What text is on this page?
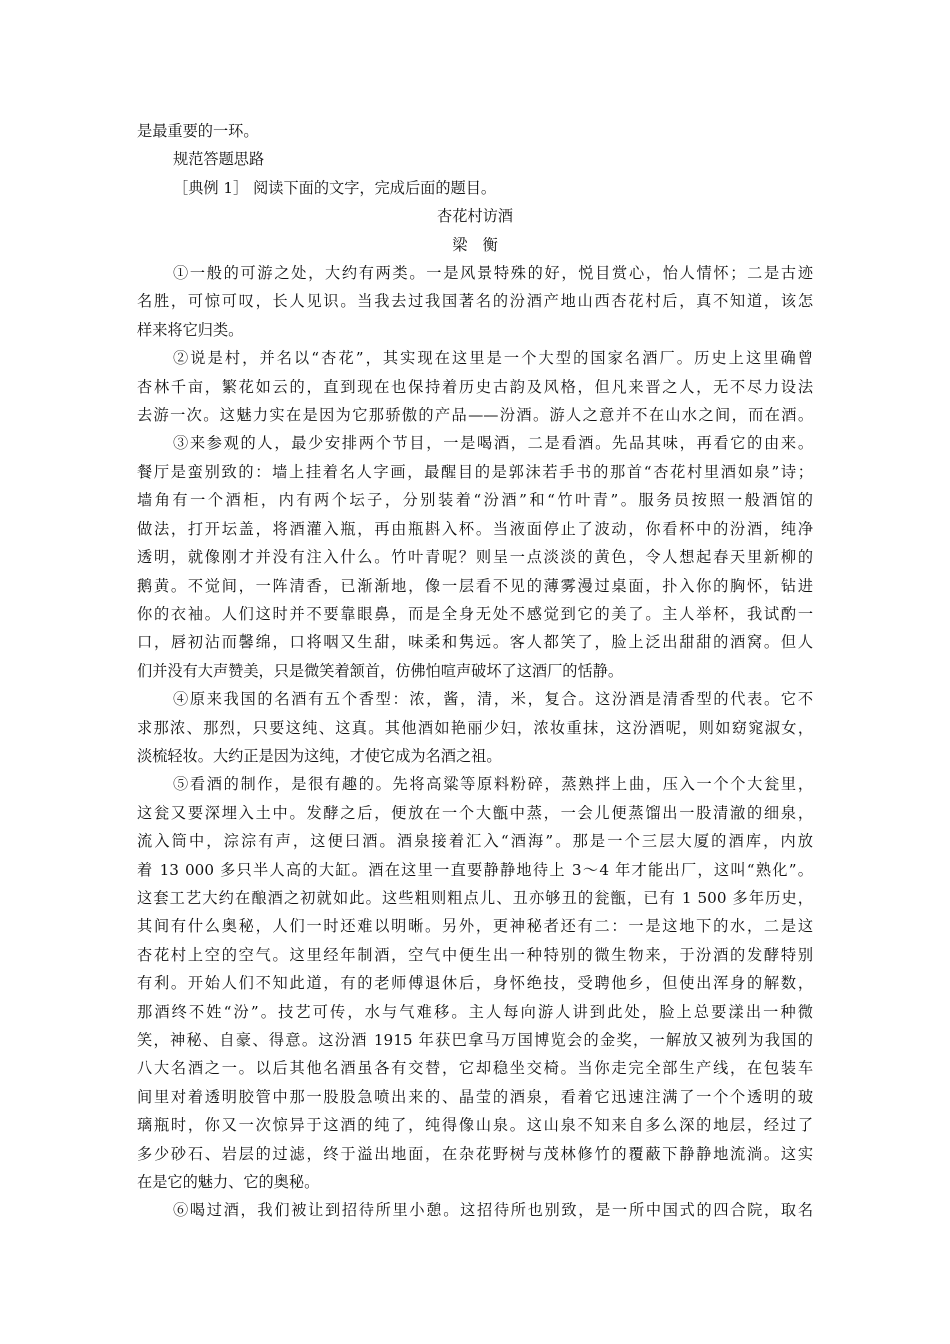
是最重要的一环。
规范答题思路
［典例 1］ 阅读下面的文字，完成后面的题目。
杏花村访酒
梁　衡
①一般的可游之处，大约有两类。一是风景特殊的好，悦目赏心，怡人情怀；二是古迹
名胜，可惊可叹，长人见识。当我去过我国著名的汾酒产地山西杏花村后，真不知道，该怎
样来将它归类。
②说是村，并名以“杏花”，其实现在这里是一个大型的国家名酒厂。历史上这里确曾
杏林千亩，繁花如云的，直到现在也保持着历史古韵及风格，但凡来晋之人，无不尽力设法
去游一次。这魅力实在是因为它那骄傲的产品——汾酒。游人之意并不在山水之间，而在酒。
③来参观的人，最少安排两个节目，一是喝酒，二是看酒。先品其味，再看它的由来。
餐厅是蛮别致的：墙上挂着名人字画，最醒目的是郭沫若手书的那首“杏花村里酒如泉”诗；
墙角有一个酒柜，内有两个坛子，分别装着“汾酒”和“竹叶青”。服务员按照一般酒馆的
做法，打开坛盖，将酒灌入瓶，再由瓶斟入杯。当液面停止了波动，你看杯中的汾酒，纯净
透明，就像刚才并没有注入什么。竹叶青呢？则呈一点淡淡的黄色，令人想起春天里新柳的
鹅黄。不觉间，一阵清香，已渐渐地，像一层看不见的薄雾漫过桌面，扑入你的胸怀，钻进
你的衣袖。人们这时并不要靠眼鼻，而是全身无处不感觉到它的美了。主人举杯，我试酌一
口，唇初沾而馨绵，口将咽又生甜，味柔和隽远。客人都笑了，脸上泛出甜甜的酒窝。但人
们并没有大声赞美，只是微笑着颔首，仿佛怕喧声破坏了这酒厂的恬静。
④原来我国的名酒有五个香型：浓，酱，清，米，复合。这汾酒是清香型的代表。它不
求那浓、那烈，只要这纯、这真。其他酒如艳丽少妇，浓妆重抹，这汾酒呢，则如窈窕淑女，
淡梳轻妆。大约正是因为这纯，才使它成为名酒之祖。
⑤看酒的制作，是很有趣的。先将高粱等原料粉碎，蒸熟拌上曲，压入一个个大瓮里，
这瓮又要深埋入土中。发酵之后，便放在一个大甑中蒸，一会儿便蒸馏出一股清澈的细泉，
流入筒中，淙淙有声，这便曰酒。酒泉接着汇入“酒海”。那是一个三层大厦的酒库，内放
着 13 000 多只半人高的大缸。酒在这里一直要静静地待上 3～4 年才能出厂，这叫“熟化”。
这套工艺大约在酿酒之初就如此。这些粗则粗点儿、丑亦够丑的瓮甑，已有 1 500 多年历史，
其间有什么奥秘，人们一时还难以明晰。另外，更神秘者还有二：一是这地下的水，二是这
杏花村上空的空气。这里经年制酒，空气中便生出一种特别的微生物来，于汾酒的发酵特别
有利。开始人们不知此道，有的老师傅退休后，身怀绝技，受聘他乡，但使出浑身的解数，
那酒终不姓“汾”。技艺可传，水与气难移。主人每向游人讲到此处，脸上总要漾出一种微
笑，神秘、自豪、得意。这汾酒 1915 年获巴拿马万国博览会的金奖，一解放又被列为我国的
八大名酒之一。以后其他名酒虽各有交替，它却稳坐交椅。当你走完全部生产线，在包装车
间里对着透明胶管中那一股股急喷出来的、晶莹的酒泉，看着它迅速注满了一个个透明的玻
璃瓶时，你又一次惊异于这酒的纯了，纯得像山泉。这山泉不知来自多么深的地层，经过了
多少砂石、岩层的过滤，终于溢出地面，在杂花野树与茂林修竹的覆蔽下静静地流淌。这实
在是它的魅力、它的奥秘。
⑥喝过酒，我们被让到招待所里小憩。这招待所也别致，是一所中国式的四合院，取名
